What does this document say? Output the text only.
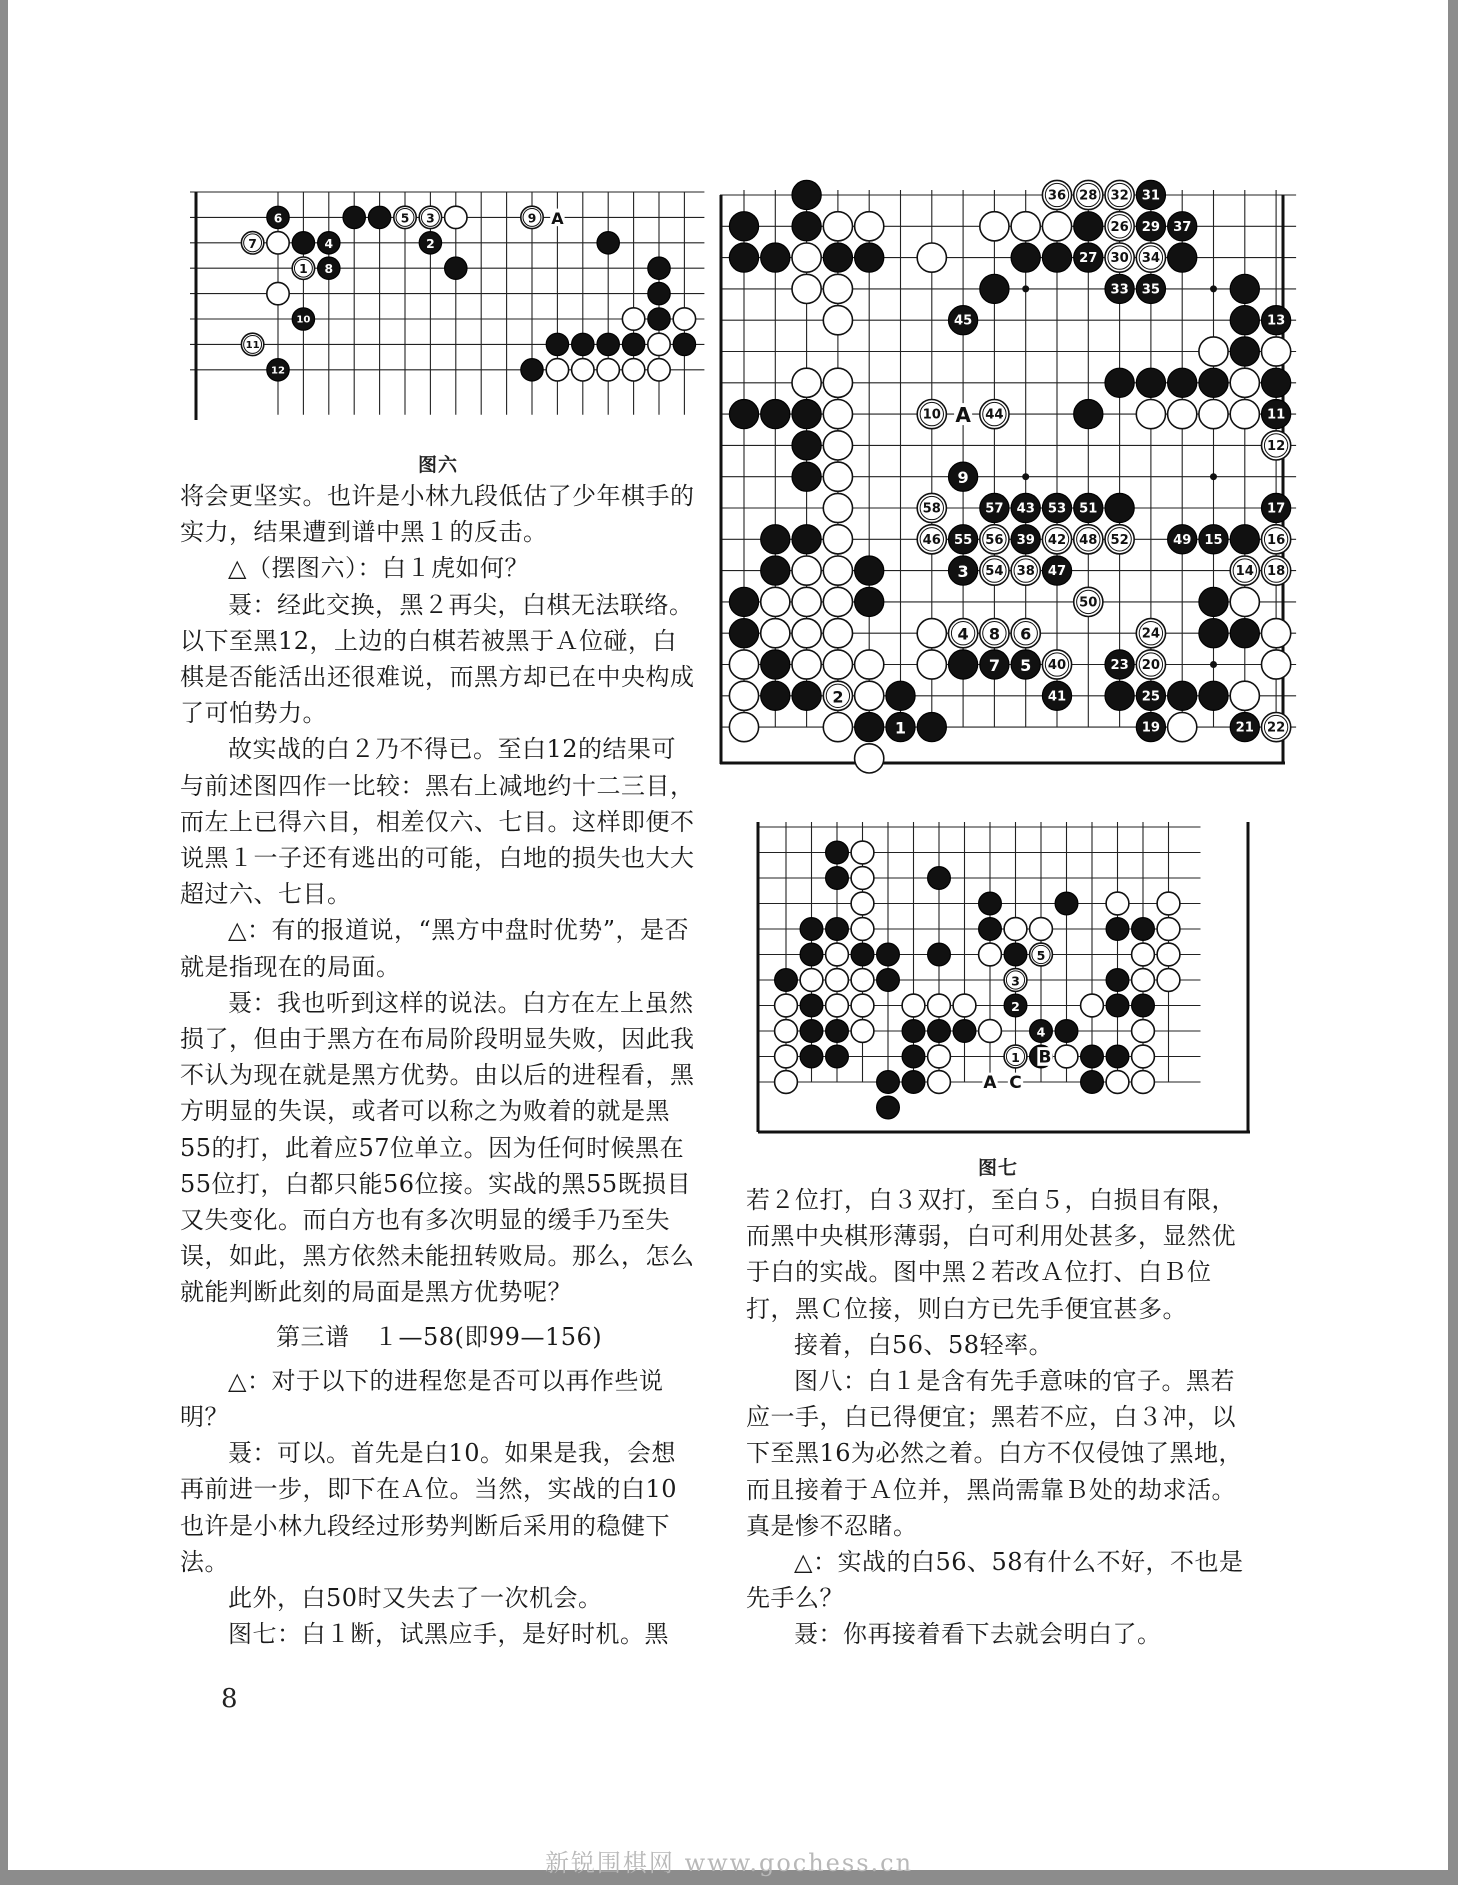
6	5 3	9
7	4	2
1 8
10
11
12
A
图六
36 28 32 31
26 29 37
27 30 34
33 35
45	13
10	44	11
12
9
58	57 43 53 51	17
46 55 56 39 42 48 52	49 15	16
3 54 38 47	14 18
50
4 8 6	24
7 5 40	23 20
2	41	25
1	19	21 22
A
5
3
2
4
1 B
A C
图七

将会更坚实。也许是小林九段低估了少年棋手的实力，结果遭到谱中黑１的反击。

△（摆图六）：白１虎如何？

聂：经此交换，黑２再尖，白棋无法联络。以下至黑12，上边的白棋若被黑于Ａ位碰，白棋是否能活出还很难说，而黑方却已在中央构成了可怕势力。

故实战的白２乃不得已。至白12的结果可与前述图四作一比较：黑右上减地约十二三目，而左上已得六目，相差仅六、七目。这样即便不说黑１一子还有逃出的可能，白地的损失也大大超过六、七目。

△：有的报道说，“黑方中盘时优势”，是否就是指现在的局面。

聂：我也听到这样的说法。白方在左上虽然损了，但由于黑方在布局阶段明显失败，因此我不认为现在就是黑方优势。由以后的进程看，黑方明显的失误，或者可以称之为败着的就是黑55的打，此着应57位单立。因为任何时候黑在55位打，白都只能56位接。实战的黑55既损目又失变化。而白方也有多次明显的缓手乃至失误，如此，黑方依然未能扭转败局。那么，怎么就能判断此刻的局面是黑方优势呢？

第三谱　１—58(即99—156)

△：对于以下的进程您是否可以再作些说明？

聂：可以。首先是白10。如果是我，会想再前进一步，即下在Ａ位。当然，实战的白10也许是小林九段经过形势判断后采用的稳健下法。

此外，白50时又失去了一次机会。

图七：白１断，试黑应手，是好时机。黑

若２位打，白３双打，至白５，白损目有限，而黑中央棋形薄弱，白可利用处甚多，显然优于白的实战。图中黑２若改Ａ位打、白Ｂ位打，黑Ｃ位接，则白方已先手便宜甚多。

接着，白56、58轻率。

图八：白１是含有先手意味的官子。黑若应一手，白已得便宜；黑若不应，白３冲，以下至黑16为必然之着。白方不仅侵蚀了黑地，而且接着于Ａ位并，黑尚需靠Ｂ处的劫求活。真是惨不忍睹。

△：实战的白56、58有什么不好，不也是先手么？

聂：你再接着看下去就会明白了。

8
新锐围棋网 www.gochess.cn
